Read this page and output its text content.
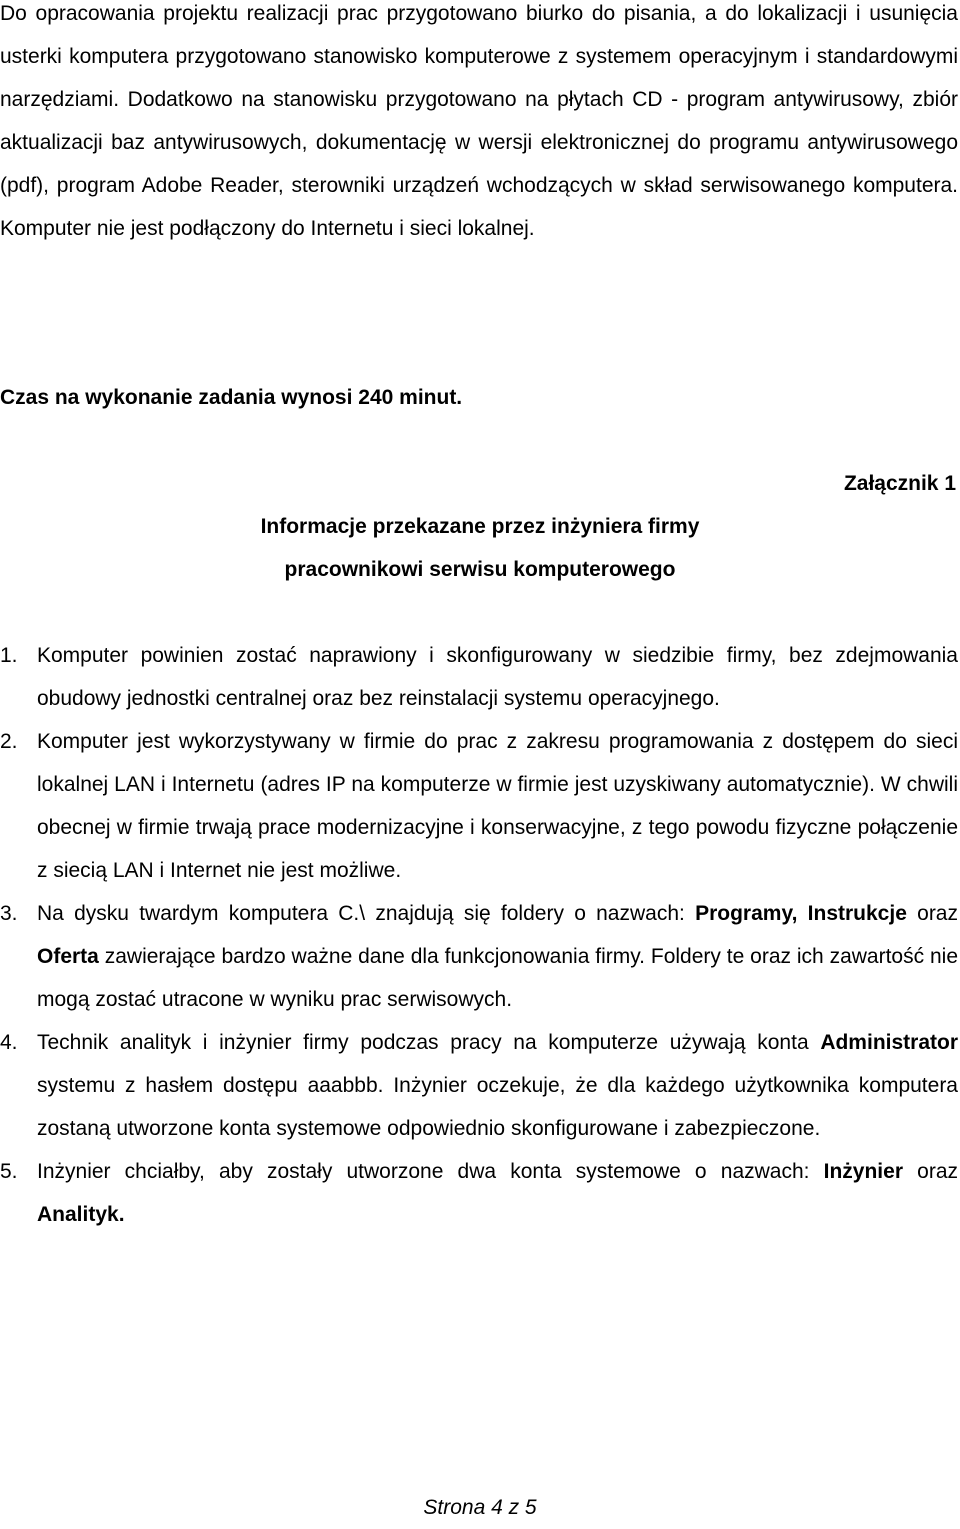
Do opracowania projektu realizacji prac przygotowano biurko do pisania, a do lokalizacji i usunięcia usterki komputera przygotowano stanowisko komputerowe z systemem operacyjnym i standardowymi narzędziami. Dodatkowo na stanowisku przygotowano na płytach CD - program antywirusowy, zbiór aktualizacji baz antywirusowych, dokumentację w wersji elektronicznej do programu antywirusowego (pdf), program Adobe Reader, sterowniki urządzeń wchodzących w skład serwisowanego komputera. Komputer nie jest podłączony do Internetu i sieci lokalnej.

Czas na wykonanie zadania wynosi 240 minut.

Załącznik 1

Informacje przekazane przez inżyniera firmy
pracownikowi serwisu komputerowego
1. Komputer powinien zostać naprawiony i skonfigurowany w siedzibie firmy, bez zdejmowania obudowy jednostki centralnej oraz bez reinstalacji systemu operacyjnego.
2. Komputer jest wykorzystywany w firmie do prac z zakresu programowania z dostępem do sieci lokalnej LAN i Internetu (adres IP na komputerze w firmie jest uzyskiwany automatycznie). W chwili obecnej w firmie trwają prace modernizacyjne i konserwacyjne, z tego powodu fizyczne połączenie z siecią LAN i Internet nie jest możliwe.
3. Na dysku twardym komputera C.\ znajdują się foldery o nazwach: Programy, Instrukcje oraz Oferta zawierające bardzo ważne dane dla funkcjonowania firmy. Foldery te oraz ich zawartość nie mogą zostać utracone w wyniku prac serwisowych.
4. Technik analityk i inżynier firmy podczas pracy na komputerze używają konta Administrator systemu z hasłem dostępu aaabbb. Inżynier oczekuje, że dla każdego użytkownika komputera zostaną utworzone konta systemowe odpowiednio skonfigurowane i zabezpieczone.
5. Inżynier chciałby, aby zostały utworzone dwa konta systemowe o nazwach: Inżynier oraz Analityk.

Strona 4 z 5
